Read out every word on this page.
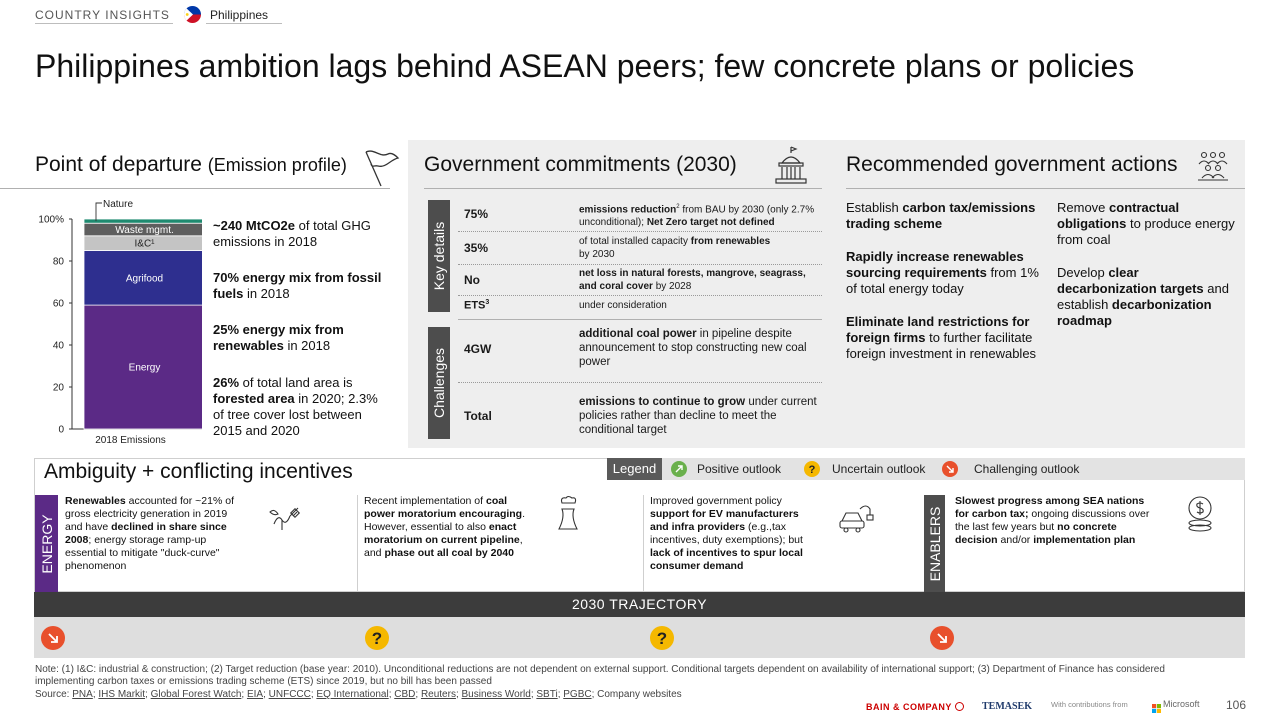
COUNTRY INSIGHTS	Philippines
Philippines ambition lags behind ASEAN peers; few concrete plans or policies
Point of departure (Emission profile)
0
20
40
60
80
100%
Energy
Agrifood
I&C¹
Waste mgmt.
Nature
2018 Emissions
~240 MtCO2e of total GHG emissions in 2018
70% energy mix from fossil fuels in 2018
25% energy mix from renewables in 2018
26% of total land area is forested area in 2020; 2.3% of tree cover lost between 2015 and 2020
Government commitments (2030)
Key details
Challenges
75%	emissions reduction$^2$ from BAU by 2030 (only 2.7% unconditional); Net Zero target not defined
35%	of total installed capacity from renewables
by 2030
No	net loss in natural forests, mangrove, seagrass, and coral cover by 2028
ETS$^3$	under consideration
4GW
additional coal power in pipeline despite announcement to stop constructing new coal power
Total
emissions to continue to grow under current policies rather than decline to meet the conditional target
Recommended government actions
Establish carbon tax/emissions trading scheme
Rapidly increase renewables sourcing requirements from 1% of total energy today
Eliminate land restrictions for foreign firms to further facilitate foreign investment in renewables
Remove contractual obligations to produce energy from coal
Develop clear decarbonization targets and establish decarbonization roadmap
Ambiguity + conflicting incentives	Legend	Positive outlook	? Uncertain outlook	Challenging outlook
ENERGY	ENABLERS
Renewables accounted for ~21% of gross electricity generation in 2019 and have declined in share since 2008; energy storage ramp-up essential to mitigate "duck-curve" phenomenon
Recent implementation of coal power moratorium encouraging. However, essential to also enact moratorium on current pipeline, and phase out all coal by 2040
Improved government policy support for EV manufacturers and infra providers (e.g.,tax incentives, duty exemptions); but lack of incentives to spur local consumer demand
Slowest progress among SEA nations for carbon tax; ongoing discussions over the last few years but no concrete decision and/or implementation plan
2030 TRAJECTORY
?	?
Note: (1) I&C: industrial & construction; (2) Target reduction (base year: 2010). Unconditional reductions are not dependent on external support. Conditional targets dependent on availability of international support; (3) Department of Finance has considered implementing carbon taxes or emissions trading scheme (ETS) since 2019, but no bill has been passed
Source: PNA; IHS Markit; Global Forest Watch; EIA; UNFCCC; EQ International; CBD; Reuters; Business World; SBTi; PGBC; Company websites
BAIN & COMPANY	TEMASEK	With contributions from	Microsoft 106
